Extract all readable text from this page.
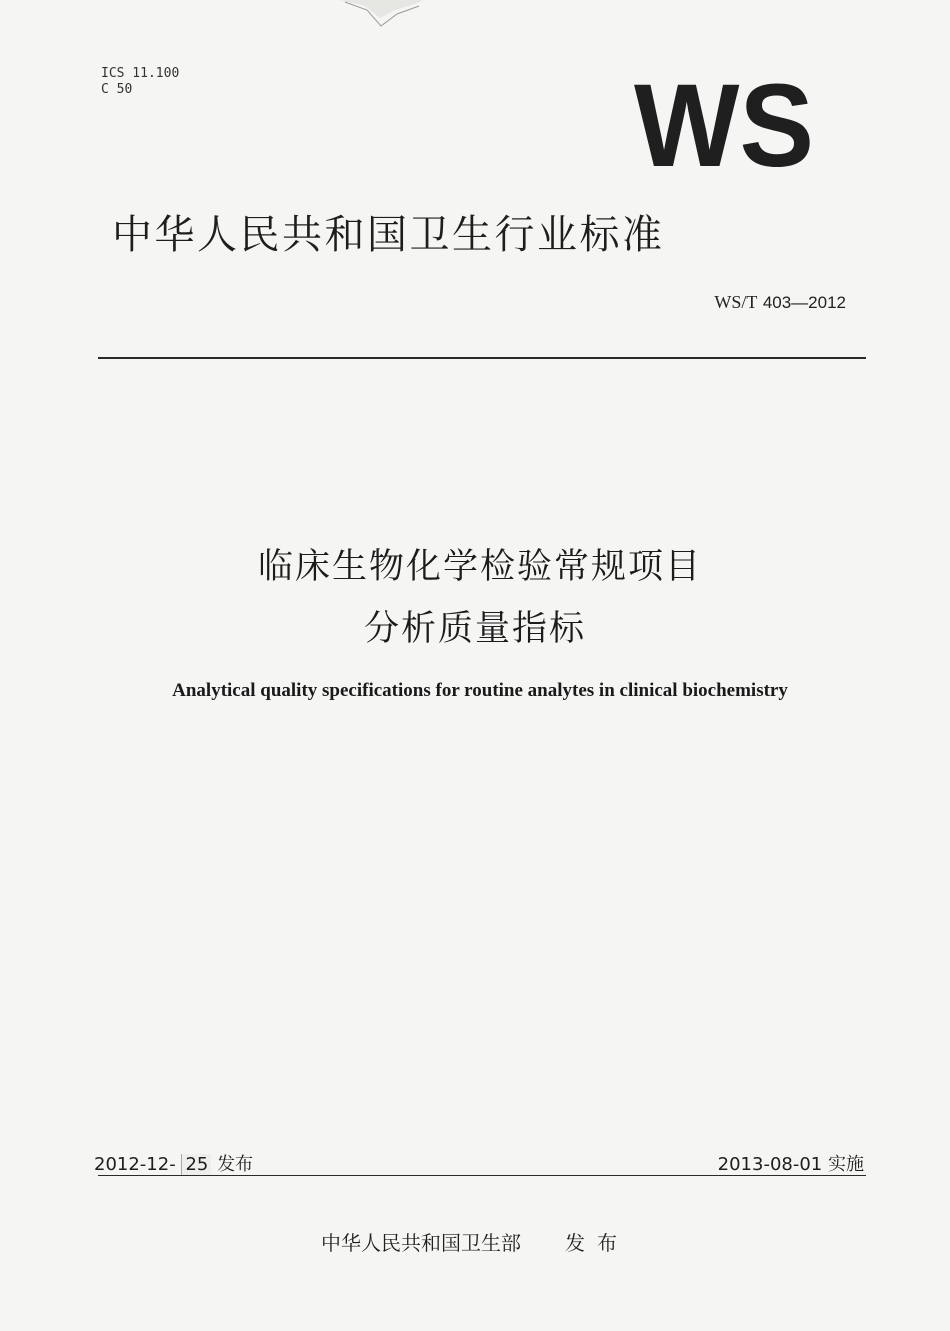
ICS 11.100
C 50	WS
中华人民共和国卫生行业标准
WS/T 403—2012
临床生物化学检验常规项目
分析质量指标
Analytical quality specifications for routine analytes in clinical biochemistry
2012-12- 25 发布	2013-08-01 实施
中华人民共和国卫生部 发布
